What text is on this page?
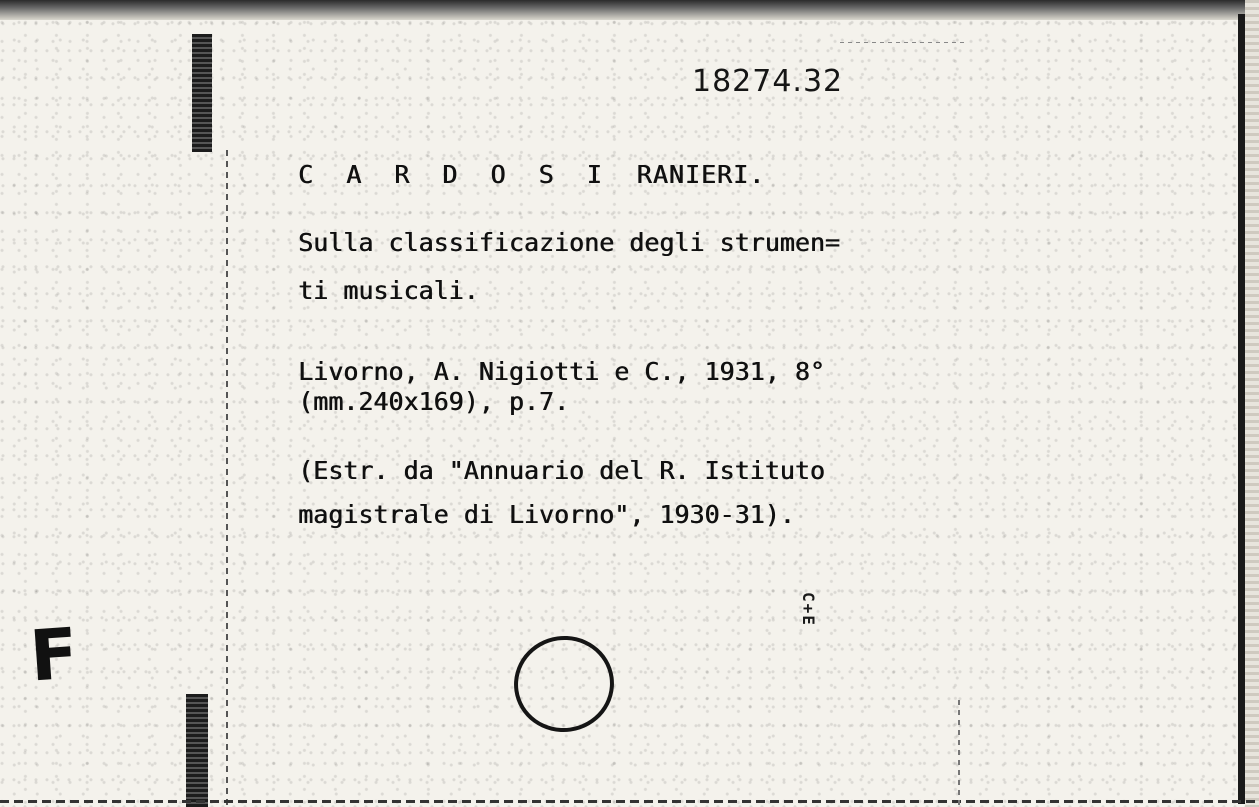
F
18274.32
C A R D O S I RANIERI.
Sulla classificazione degli strumen=
ti musicali.
Livorno, A. Nigiotti e C., 1931, 8°
(mm.240x169), p.7.
(Estr. da "Annuario del R. Istituto
magistrale di Livorno", 1930-31).
C+E
